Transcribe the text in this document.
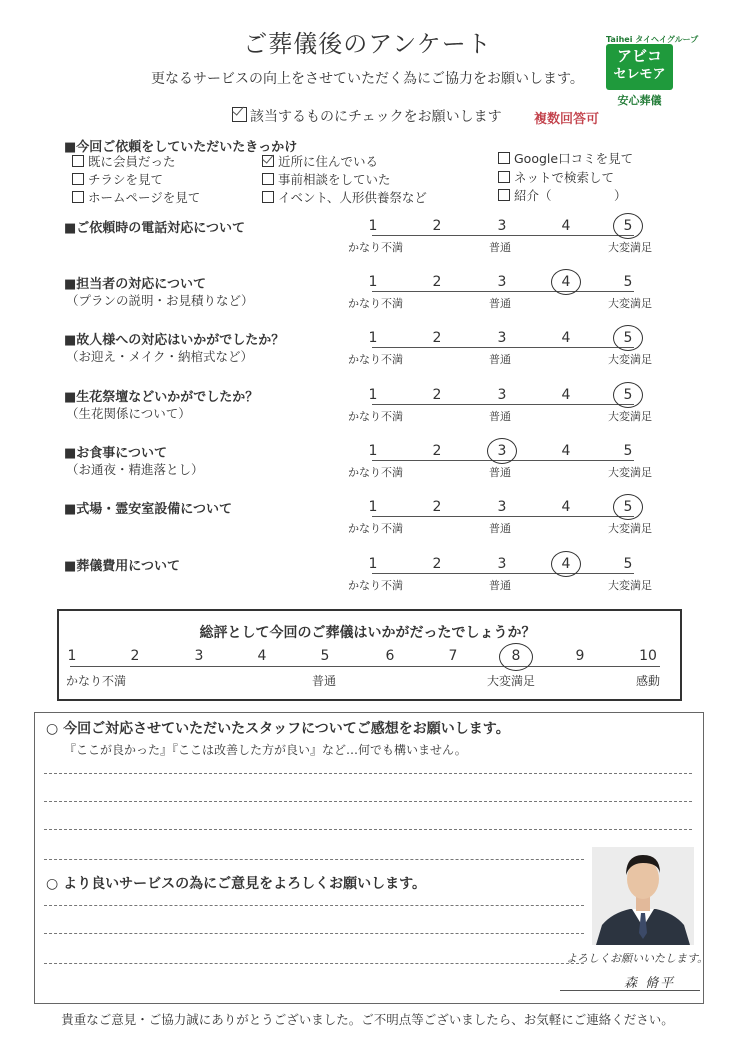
ご葬儀後のアンケート
更なるサービスの向上をさせていただく為にご協力をお願いします。
Taihei タイヘイグループ
アビコ
セレモア
安心葬儀
該当するものにチェックをお願いします 複数回答可
■今回ご依頼をしていただいたきっかけ
既に会員だった	近所に住んでいる	Google口コミを見て
チラシを見て	事前相談をしていた	ネットで検索して
ホームページを見て	イベント、人形供養祭など	紹介（　　　　　）
■ご依頼時の電話対応について	1	2	3	4	5
かなり不満	普通	大変満足
■担当者の対応について
（プランの説明・お見積りなど）
1	2	3	4	5
かなり不満	普通	大変満足
■故人様への対応はいかがでしたか？
（お迎え・メイク・納棺式など）
1	2	3	4	5
かなり不満	普通	大変満足
■生花祭壇などいかがでしたか？
（生花関係について）
1	2	3	4	5
かなり不満	普通	大変満足
■お食事について
（お通夜・精進落とし）
1	2	3	4	5
かなり不満	普通	大変満足
■式場・霊安室設備について	1	2	3	4	5
かなり不満	普通	大変満足
■葬儀費用について	1	2	3	4	5
かなり不満	普通	大変満足
総評として今回のご葬儀はいかがだったでしょうか？
1	2	3	4	5	6	7	8	9	10
かなり不満	普通	大変満足	感動
○ 今回ご対応させていただいたスタッフについてご感想をお願いします。
『ここが良かった』『ここは改善した方が良い』など…何でも構いません。
○ より良いサービスの為にご意見をよろしくお願いします。
よろしくお願いいたします。
森 脩平
貴重なご意見・ご協力誠にありがとうございました。ご不明点等ございましたら、お気軽にご連絡ください。
